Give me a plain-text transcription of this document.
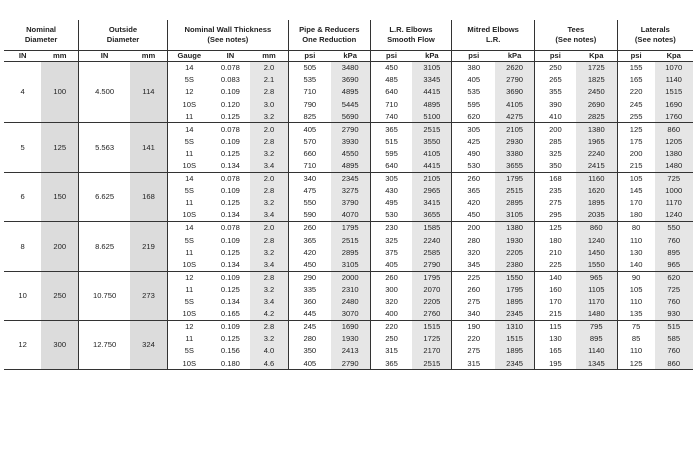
Nominal		Outside		Nominal Wall Thickness			Pipe & Reducers		L.R. Elbows		Mitred Elbows		Tees		Laterals	
Diameter		Diameter		(See notes)			One Reduction		Smooth Flow		L.R.		(See notes)		(See notes)	
IN	mm	IN	mm	Gauge	IN	mm	psi	kPa	psi	kPa	psi	kPa	psi	Kpa	psi	Kpa
4	100	4.500	114	14	0.078	2.0	505	3480	450	3105	380	2620	250	1725	155	1070
				5S	0.083	2.1	535	3690	485	3345	405	2790	265	1825	165	1140
				12	0.109	2.8	710	4895	640	4415	535	3690	355	2450	220	1515
				10S	0.120	3.0	790	5445	710	4895	595	4105	390	2690	245	1690
				11	0.125	3.2	825	5690	740	5100	620	4275	410	2825	255	1760
5	125	5.563	141	14	0.078	2.0	405	2790	365	2515	305	2105	200	1380	125	860
				5S	0.109	2.8	570	3930	515	3550	425	2930	285	1965	175	1205
				11	0.125	3.2	660	4550	595	4105	490	3380	325	2240	200	1380
				10S	0.134	3.4	710	4895	640	4415	530	3655	350	2415	215	1480
6	150	6.625	168	14	0.078	2.0	340	2345	305	2105	260	1795	168	1160	105	725
				5S	0.109	2.8	475	3275	430	2965	365	2515	235	1620	145	1000
				11	0.125	3.2	550	3790	495	3415	420	2895	275	1895	170	1170
				10S	0.134	3.4	590	4070	530	3655	450	3105	295	2035	180	1240
8	200	8.625	219	14	0.078	2.0	260	1795	230	1585	200	1380	125	860	80	550
				5S	0.109	2.8	365	2515	325	2240	280	1930	180	1240	110	760
				11	0.125	3.2	420	2895	375	2585	320	2205	210	1450	130	895
				10S	0.134	3.4	450	3105	405	2790	345	2380	225	1550	140	965
10	250	10.750	273	12	0.109	2.8	290	2000	260	1795	225	1550	140	965	90	620
				11	0.125	3.2	335	2310	300	2070	260	1795	160	1105	105	725
				5S	0.134	3.4	360	2480	320	2205	275	1895	170	1170	110	760
				10S	0.165	4.2	445	3070	400	2760	340	2345	215	1480	135	930
12	300	12.750	324	12	0.109	2.8	245	1690	220	1515	190	1310	115	795	75	515
				11	0.125	3.2	280	1930	250	1725	220	1515	130	895	85	585
				5S	0.156	4.0	350	2413	315	2170	275	1895	165	1140	110	760
				10S	0.180	4.6	405	2790	365	2515	315	2345	195	1345	125	860
